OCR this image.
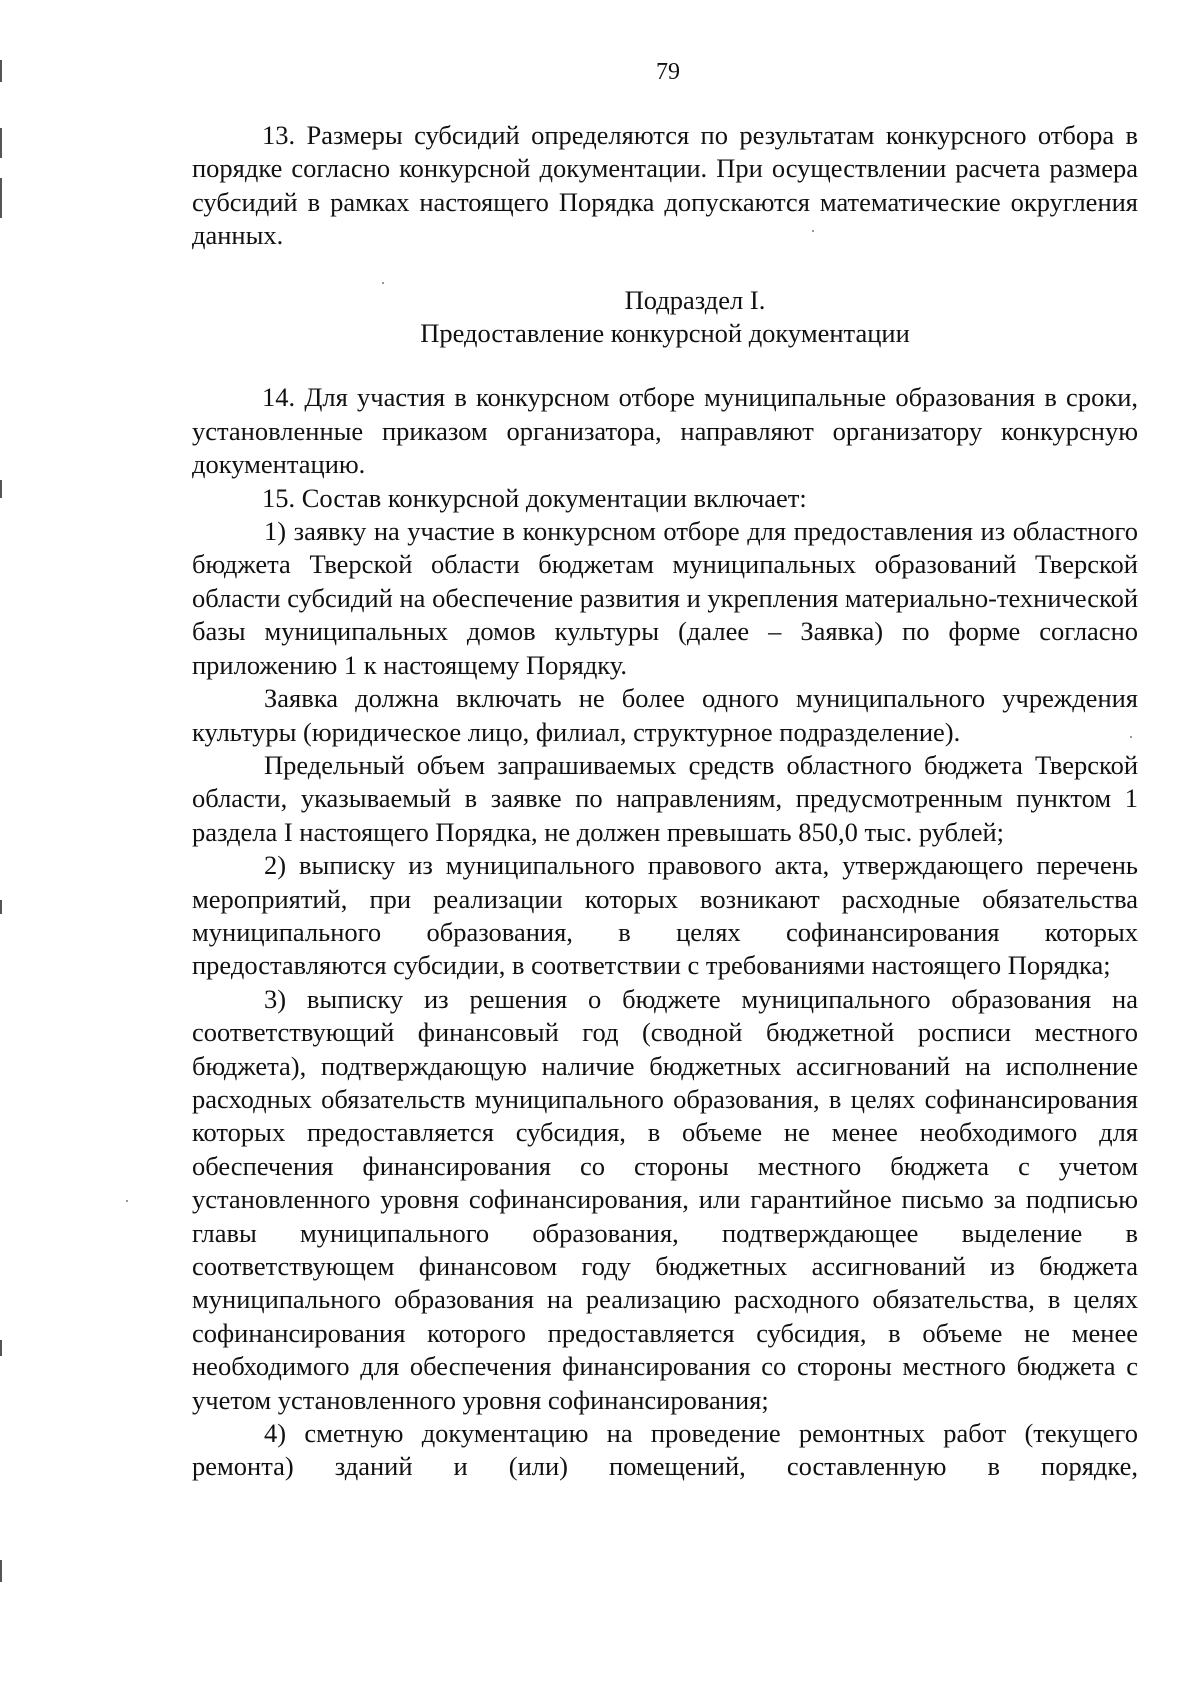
79

13. Размеры субсидий определяются по результатам конкурсного отбора в порядке согласно конкурсной документации. При осуществлении расчета размера субсидий в рамках настоящего Порядка допускаются математические округления данных.

Подраздел I.

Предоставление конкурсной документации

14. Для участия в конкурсном отборе муниципальные образования в сроки, установленные приказом организатора, направляют организатору конкурсную документацию.

15. Состав конкурсной документации включает:

1) заявку на участие в конкурсном отборе для предоставления из областного бюджета Тверской области бюджетам муниципальных образований Тверской области субсидий на обеспечение развития и укрепления материально-технической базы муниципальных домов культуры (далее – Заявка) по форме согласно приложению 1 к настоящему Порядку.

Заявка должна включать не более одного муниципального учреждения культуры (юридическое лицо, филиал, структурное подразделение).

Предельный объем запрашиваемых средств областного бюджета Тверской области, указываемый в заявке по направлениям, предусмотренным пунктом 1 раздела I настоящего Порядка, не должен превышать 850,0 тыс. рублей;

2) выписку из муниципального правового акта, утверждающего перечень мероприятий, при реализации которых возникают расходные обязательства муниципального образования, в целях софинансирования которых предоставляются субсидии, в соответствии с требованиями настоящего Порядка;

3) выписку из решения о бюджете муниципального образования на соответствующий финансовый год (сводной бюджетной росписи местного бюджета), подтверждающую наличие бюджетных ассигнований на исполнение расходных обязательств муниципального образования, в целях софинансирования которых предоставляется субсидия, в объеме не менее необходимого для обеспечения финансирования со стороны местного бюджета с учетом установленного уровня софинансирования, или гарантийное письмо за подписью главы муниципального образования, подтверждающее выделение в соответствующем финансовом году бюджетных ассигнований из бюджета муниципального образования на реализацию расходного обязательства, в целях софинансирования которого предоставляется субсидия, в объеме не менее необходимого для обеспечения финансирования со стороны местного бюджета с учетом установленного уровня софинансирования;

4) сметную документацию на проведение ремонтных работ (текущего ремонта) зданий и (или) помещений, составленную в порядке,
